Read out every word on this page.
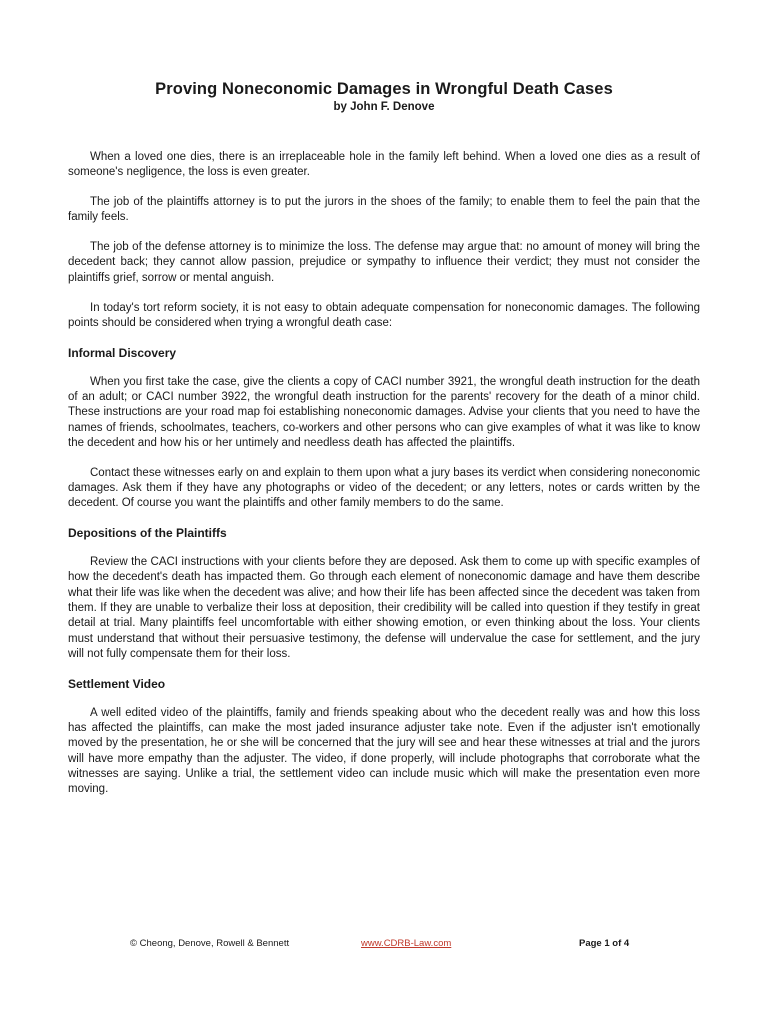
Proving Noneconomic Damages in Wrongful Death Cases
by John F. Denove

When a loved one dies, there is an irreplaceable hole in the family left behind. When a loved one dies as a result of someone's negligence, the loss is even greater.

The job of the plaintiffs attorney is to put the jurors in the shoes of the family; to enable them to feel the pain that the family feels.

The job of the defense attorney is to minimize the loss. The defense may argue that: no amount of money will bring the decedent back; they cannot allow passion, prejudice or sympathy to influence their verdict; they must not consider the plaintiffs grief, sorrow or mental anguish.

In today's tort reform society, it is not easy to obtain adequate compensation for noneconomic damages. The following points should be considered when trying a wrongful death case:

Informal Discovery

When you first take the case, give the clients a copy of CACI number 3921, the wrongful death instruction for the death of an adult; or CACI number 3922, the wrongful death instruction for the parents' recovery for the death of a minor child. These instructions are your road map foi establishing noneconomic damages. Advise your clients that you need to have the names of friends, schoolmates, teachers, co-workers and other persons who can give examples of what it was like to know the decedent and how his or her untimely and needless death has affected the plaintiffs.

Contact these witnesses early on and explain to them upon what a jury bases its verdict when considering noneconomic damages. Ask them if they have any photographs or video of the decedent; or any letters, notes or cards written by the decedent. Of course you want the plaintiffs and other family members to do the same.

Depositions of the Plaintiffs

Review the CACI instructions with your clients before they are deposed. Ask them to come up with specific examples of how the decedent's death has impacted them. Go through each element of noneconomic damage and have them describe what their life was like when the decedent was alive; and how their life has been affected since the decedent was taken from them. If they are unable to verbalize their loss at deposition, their credibility will be called into question if they testify in great detail at trial. Many plaintiffs feel uncomfortable with either showing emotion, or even thinking about the loss. Your clients must understand that without their persuasive testimony, the defense will undervalue the case for settlement, and the jury will not fully compensate them for their loss.

Settlement Video

A well edited video of the plaintiffs, family and friends speaking about who the decedent really was and how this loss has affected the plaintiffs, can make the most jaded insurance adjuster take note. Even if the adjuster isn't emotionally moved by the presentation, he or she will be concerned that the jury will see and hear these witnesses at trial and the jurors will have more empathy than the adjuster. The video, if done properly, will include photographs that corroborate what the witnesses are saying. Unlike a trial, the settlement video can include music which will make the presentation even more moving.

© Cheong, Denove, Rowell & Bennett	www.CDRB-Law.com	Page 1 of 4
